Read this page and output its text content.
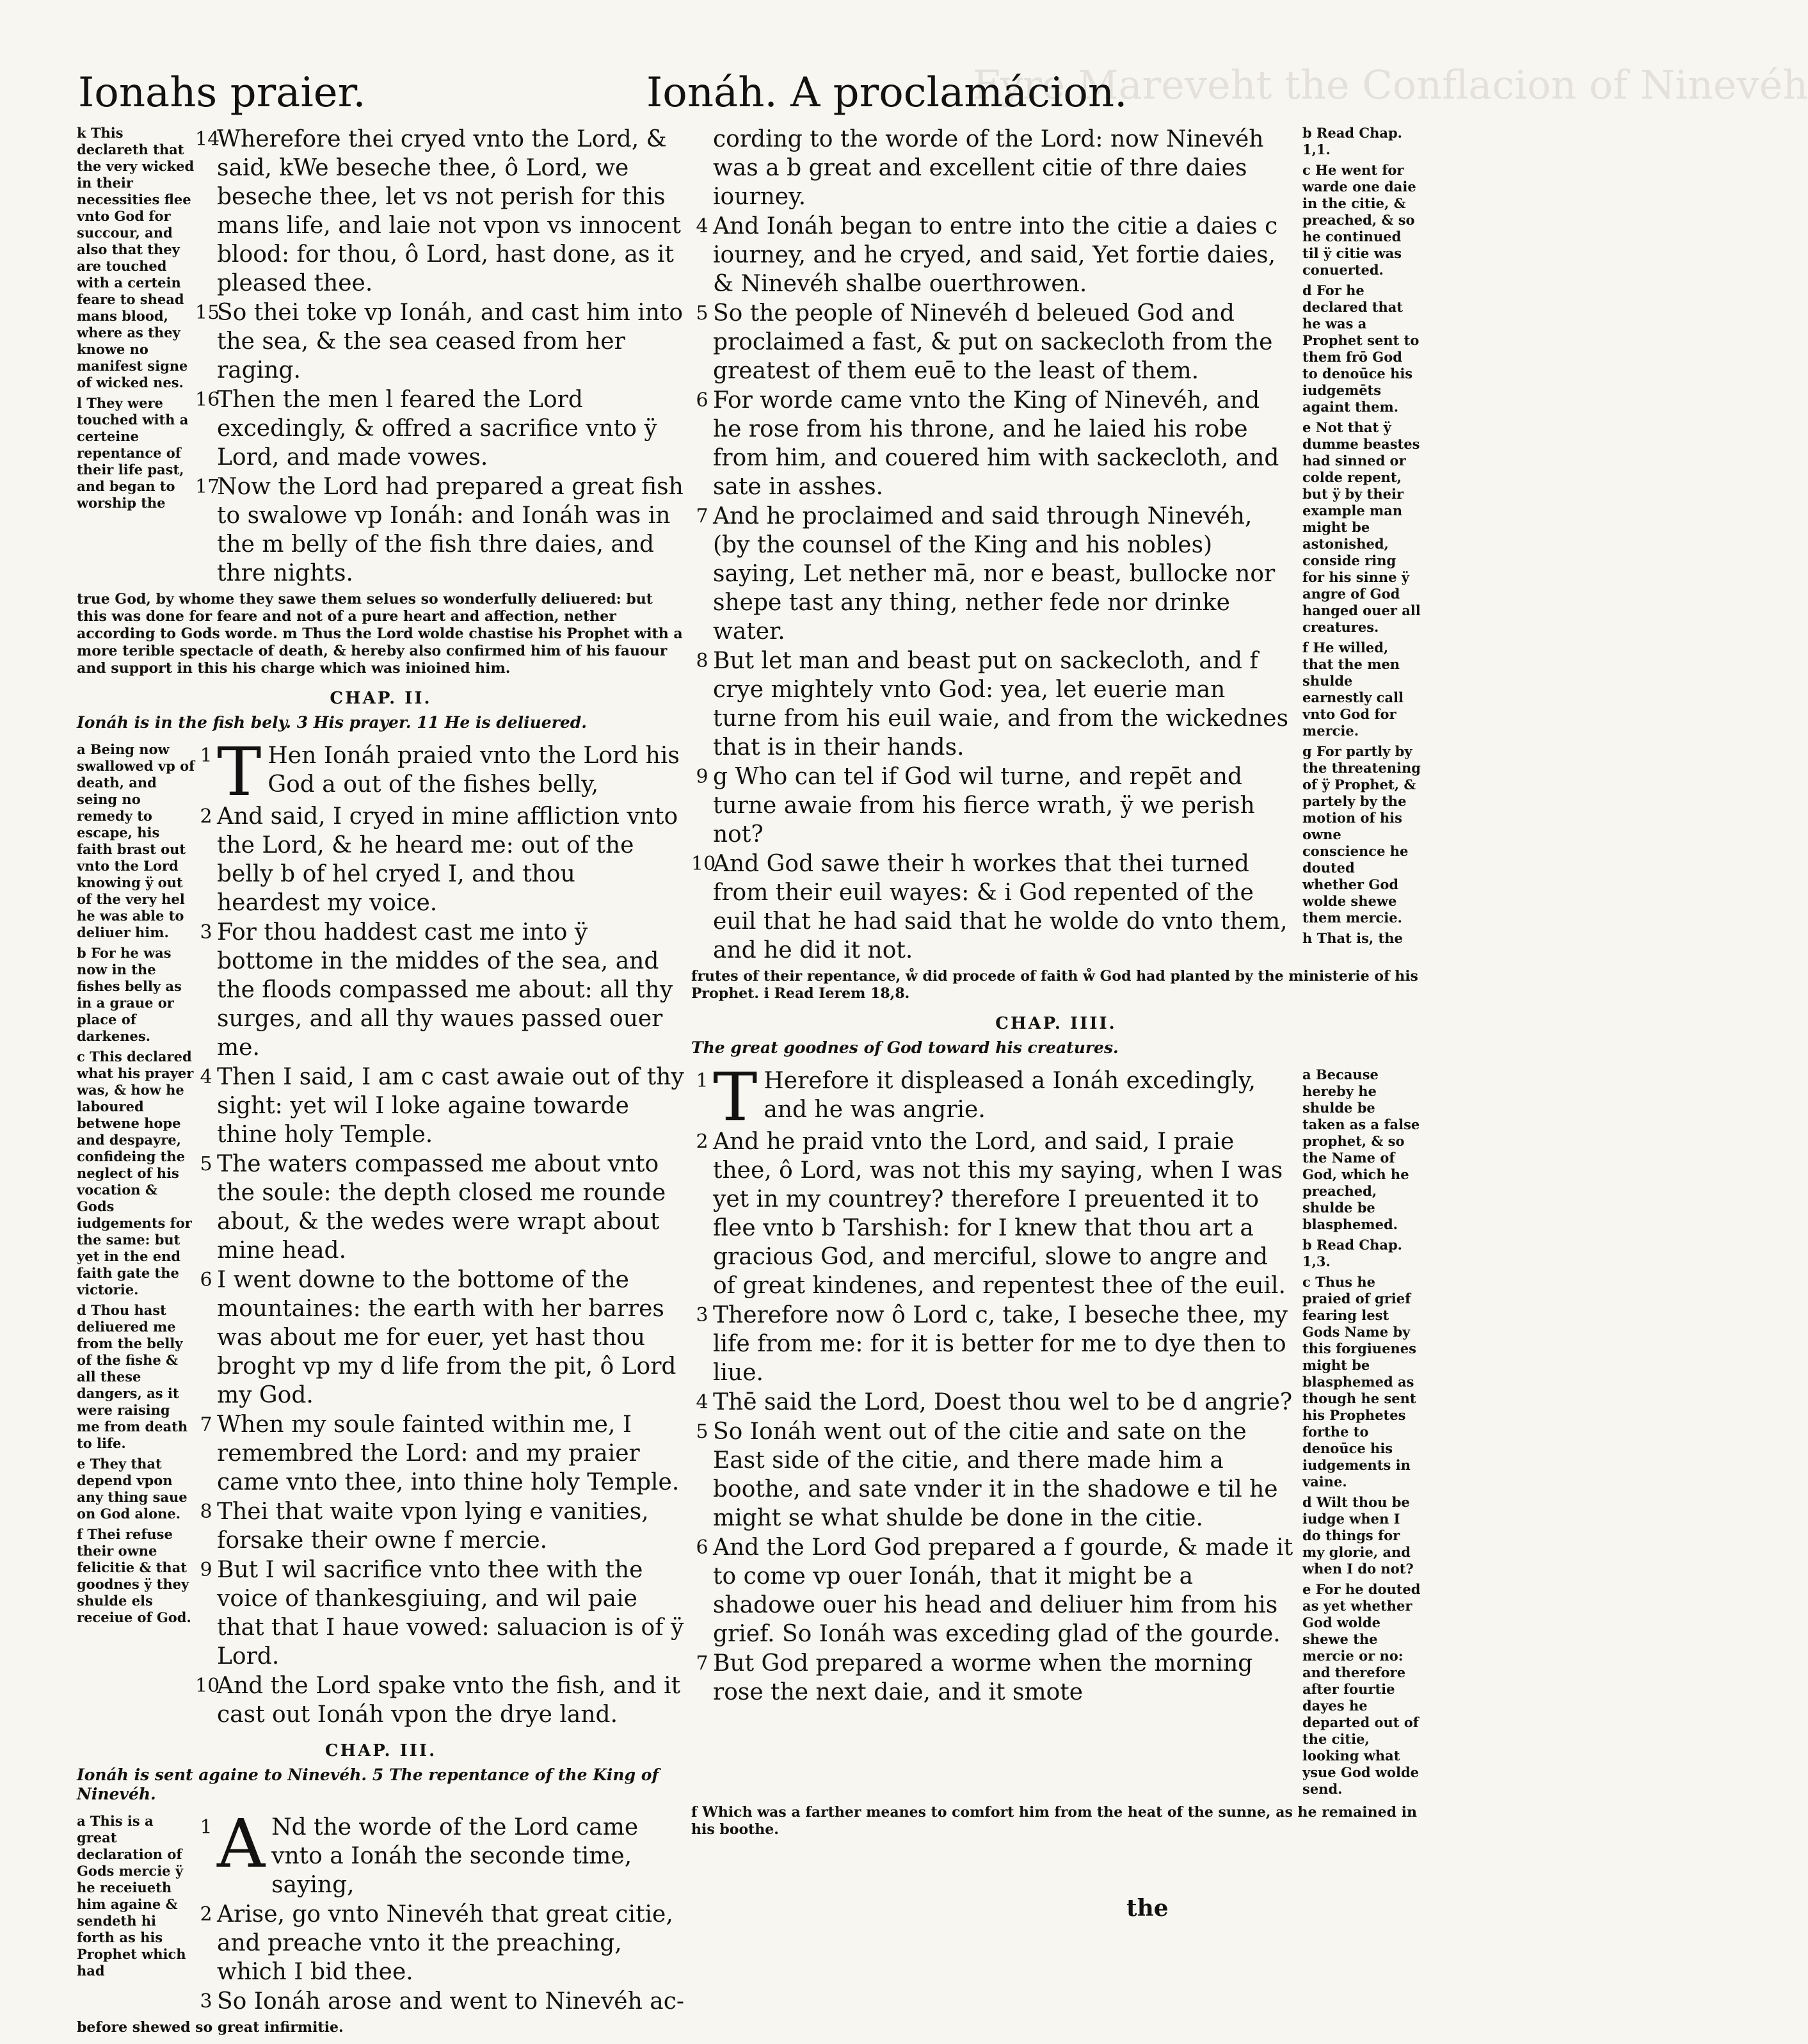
Fyre Mareveht the Conflacion of Ninevéh

Ionahs praier.	Ionáh. A proclamácion.
k This declareth that the very wicked in their necessities flee vnto God for succour, and also that they are touched with a certein feare to shead mans blood, where as they knowe no manifest signe of wicked nes.
l They were touched with a certeine repentance of their life past, and began to worship the
14
Wherefore thei cryed vnto the Lord, & said, kWe beseche thee, ô Lord, we beseche thee, let vs not perish for this mans life, and laie not vpon vs innocent blood: for thou, ô Lord, hast done, as it pleased thee.
15
So thei toke vp Ionáh, and cast him into the sea, & the sea ceased from her raging.
16
Then the men l feared the Lord excedingly, & offred a sacrifice vnto ÿ Lord, and made vowes.
17
Now the Lord had prepared a great fish to swalowe vp Ionáh: and Ionáh was in the m belly of the fish thre daies, and thre nights.
true God, by whome they sawe them selues so wonderfully deliuered: but this was done for feare and not of a pure heart and affection, nether according to Gods worde. m Thus the Lord wolde chastise his Prophet with a more terible spectacle of death, & hereby also confirmed him of his fauour and support in this his charge which was inioined him.
CHAP. II.
Ionáh is in the fish bely. 3 His prayer. 11 He is deliuered.
a Being now swallowed vp of death, and seing no remedy to escape, his faith brast out vnto the Lord knowing ÿ out of the very hel he was able to deliuer him.
b For he was now in the fishes belly as in a graue or place of darkenes.
c This declared what his prayer was, & how he laboured betwene hope and despayre, confideing the neglect of his vocation & Gods iudgements for the same: but yet in the end faith gate the victorie.
d Thou hast deliuered me from the belly of the fishe & all these dangers, as it were raising me from death to life.
e They that depend vpon any thing saue on God alone.
f Thei refuse their owne felicitie & that goodnes ÿ they shulde els receiue of God.
1 T Hen Ionáh praied vnto the Lord his God a out of the fishes belly,
2 And said, I cryed in mine affliction vnto the Lord, & he heard me: out of the belly b of hel cryed I, and thou heardest my voice.
3 For thou haddest cast me into ÿ bottome in the middes of the sea, and the floods compassed me about: all thy surges, and all thy waues passed ouer me.
4 Then I said, I am c cast awaie out of thy sight: yet wil I loke againe towarde thine holy Temple.
5 The waters compassed me about vnto the soule: the depth closed me rounde about, & the wedes were wrapt about mine head.
6 I went downe to the bottome of the mountaines: the earth with her barres was about me for euer, yet hast thou broght vp my d life from the pit, ô Lord my God.
7 When my soule fainted within me, I remembred the Lord: and my praier came vnto thee, into thine holy Temple.
8 Thei that waite vpon lying e vanities, forsake their owne f mercie.
9 But I wil sacrifice vnto thee with the voice of thankesgiuing, and wil paie that that I haue vowed: saluacion is of ÿ Lord.
10
And the Lord spake vnto the fish, and it cast out Ionáh vpon the drye land.
CHAP. III.
Ionáh is sent againe to Ninevéh. 5 The repentance of the King of Ninevéh.
a This is a great declaration of Gods mercie ÿ he receiueth him againe & sendeth hi forth as his Prophet which had
1 A Nd the worde of the Lord came vnto a Ionáh the seconde time, saying,
2 Arise, go vnto Ninevéh that great citie, and preache vnto it the preaching, which I bid thee.
3 So Ionáh arose and went to Ninevéh ac-
before shewed so great infirmitie.
cording to the worde of the Lord: now Ninevéh was a b great and excellent citie of thre daies iourney.
4 And Ionáh began to entre into the citie a daies c iourney, and he cryed, and said, Yet fortie daies, & Ninevéh shalbe ouerthrowen.
5 So the people of Ninevéh d beleued God and proclaimed a fast, & put on sackecloth from the greatest of them euē to the least of them.
6 For worde came vnto the King of Ninevéh, and he rose from his throne, and he laied his robe from him, and couered him with sackecloth, and sate in asshes.
7 And he proclaimed and said through Ninevéh, (by the counsel of the King and his nobles) saying, Let nether mā, nor e beast, bullocke nor shepe tast any thing, nether fede nor drinke water.
8 But let man and beast put on sackecloth, and f crye mightely vnto God: yea, let euerie man turne from his euil waie, and from the wickednes that is in their hands.
9 g Who can tel if God wil turne, and repēt and turne awaie from his fierce wrath, ÿ we perish not?
10
And God sawe their h workes that thei turned from their euil wayes: & i God repented of the euil that he had said that he wolde do vnto them, and he did it not.
b Read Chap. 1,1.
c He went for warde one daie in the citie, & preached, & so he continued til ÿ citie was conuerted.
d For he declared that he was a Prophet sent to them frō God to denoūce his iudgemēts againt them.
e Not that ÿ dumme beastes had sinned or colde repent, but ÿ by their example man might be astonished, conside ring for his sinne ÿ angre of God hanged ouer all creatures.
f He willed, that the men shulde earnestly call vnto God for mercie.
g For partly by the threatening of ÿ Prophet, & partely by the motion of his owne conscience he douted whether God wolde shewe them mercie.
h That is, the
frutes of their repentance, ẘ did procede of faith ẘ God had planted by the ministerie of his Prophet. i Read Ierem 18,8.
CHAP. IIII.
The great goodnes of God toward his creatures.
1 T Herefore it displeased a Ionáh excedingly, and he was angrie.
2 And he praid vnto the Lord, and said, I praie thee, ô Lord, was not this my saying, when I was yet in my countrey? therefore I preuented it to flee vnto b Tarshish: for I knew that thou art a gracious God, and merciful, slowe to angre and of great kindenes, and repentest thee of the euil.
3 Therefore now ô Lord c, take, I beseche thee, my life from me: for it is better for me to dye then to liue.
4 Thē said the Lord, Doest thou wel to be d angrie?
5 So Ionáh went out of the citie and sate on the East side of the citie, and there made him a boothe, and sate vnder it in the shadowe e til he might se what shulde be done in the citie.
6 And the Lord God prepared a f gourde, & made it to come vp ouer Ionáh, that it might be a shadowe ouer his head and deliuer him from his grief. So Ionáh was exceding glad of the gourde.
7 But God prepared a worme when the morning rose the next daie, and it smote
a Because hereby he shulde be taken as a false prophet, & so the Name of God, which he preached, shulde be blasphemed.
b Read Chap. 1,3.
c Thus he praied of grief fearing lest Gods Name by this forgiuenes might be blasphemed as though he sent his Prophetes forthe to denoūce his iudgements in vaine.
d Wilt thou be iudge when I do things for my glorie, and when I do not?
e For he douted as yet whether God wolde shewe the mercie or no: and therefore after fourtie dayes he departed out of the citie, looking what ysue God wolde send.
f Which was a farther meanes to comfort him from the heat of the sunne, as he remained in his boothe.
the
